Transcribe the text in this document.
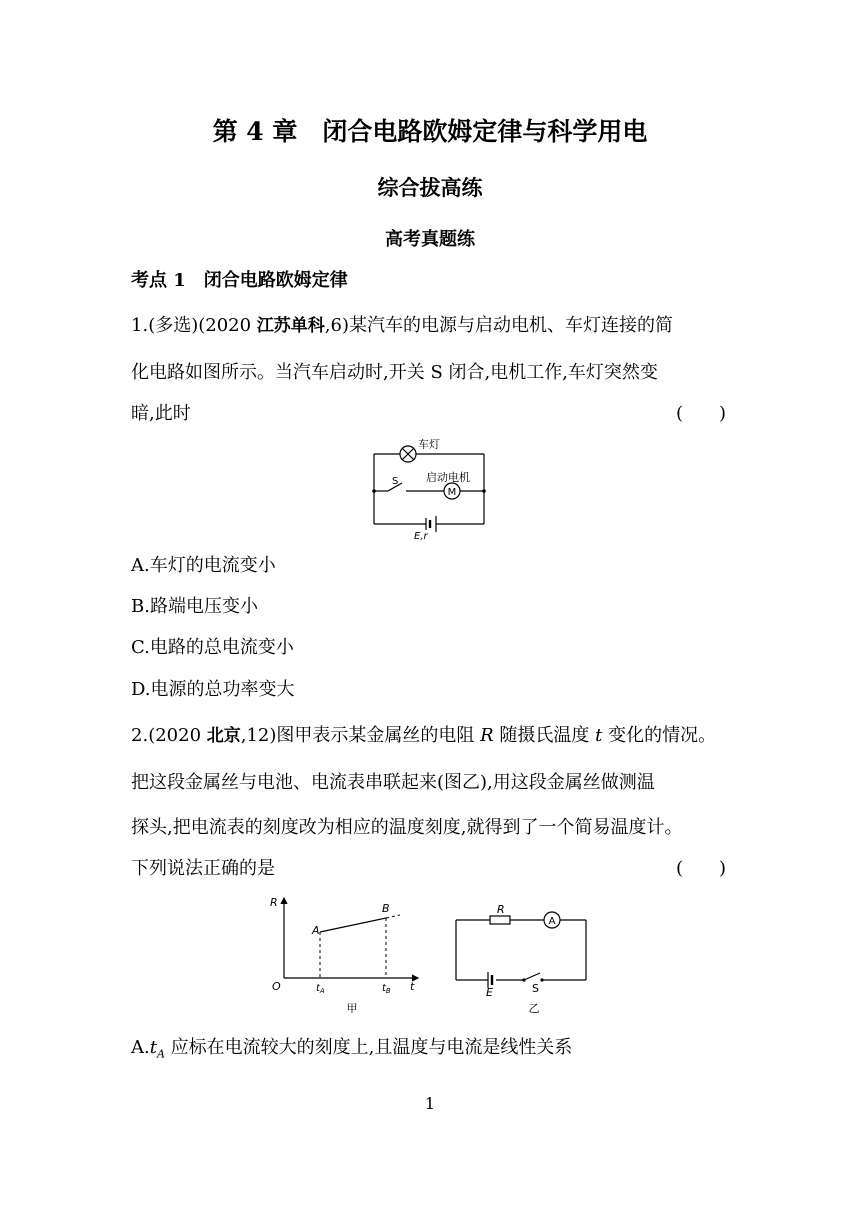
第 4 章　闭合电路欧姆定律与科学用电
综合拔高练
高考真题练
考点 1　 闭合电路欧姆定律
1.(多选)(2020 江苏单科,6)某汽车的电源与启动电机、车灯连接的简
化电路如图所示。当汽车启动时,开关 S 闭合,电机工作,车灯突然变
暗,此时	(　　)
M
车灯
启动电机
S
E,r
A.车灯的电流变小
B.路端电压变小
C.电路的总电流变小
D.电源的总功率变大
2.(2020 北京,12)图甲表示某金属丝的电阻 R 随摄氏温度 t 变化的情况。
把这段金属丝与电池、电流表串联起来(图乙),用这段金属丝做测温
探头,把电流表的刻度改为相应的温度刻度,就得到了一个简易温度计。
下列说法正确的是	(　　)
R
t
O
A
B
$t_A$	$t_B$
甲
A
R
E	S
乙
$A.t_A$ 应标在电流较大的刻度上,且温度与电流是线性关系
1
